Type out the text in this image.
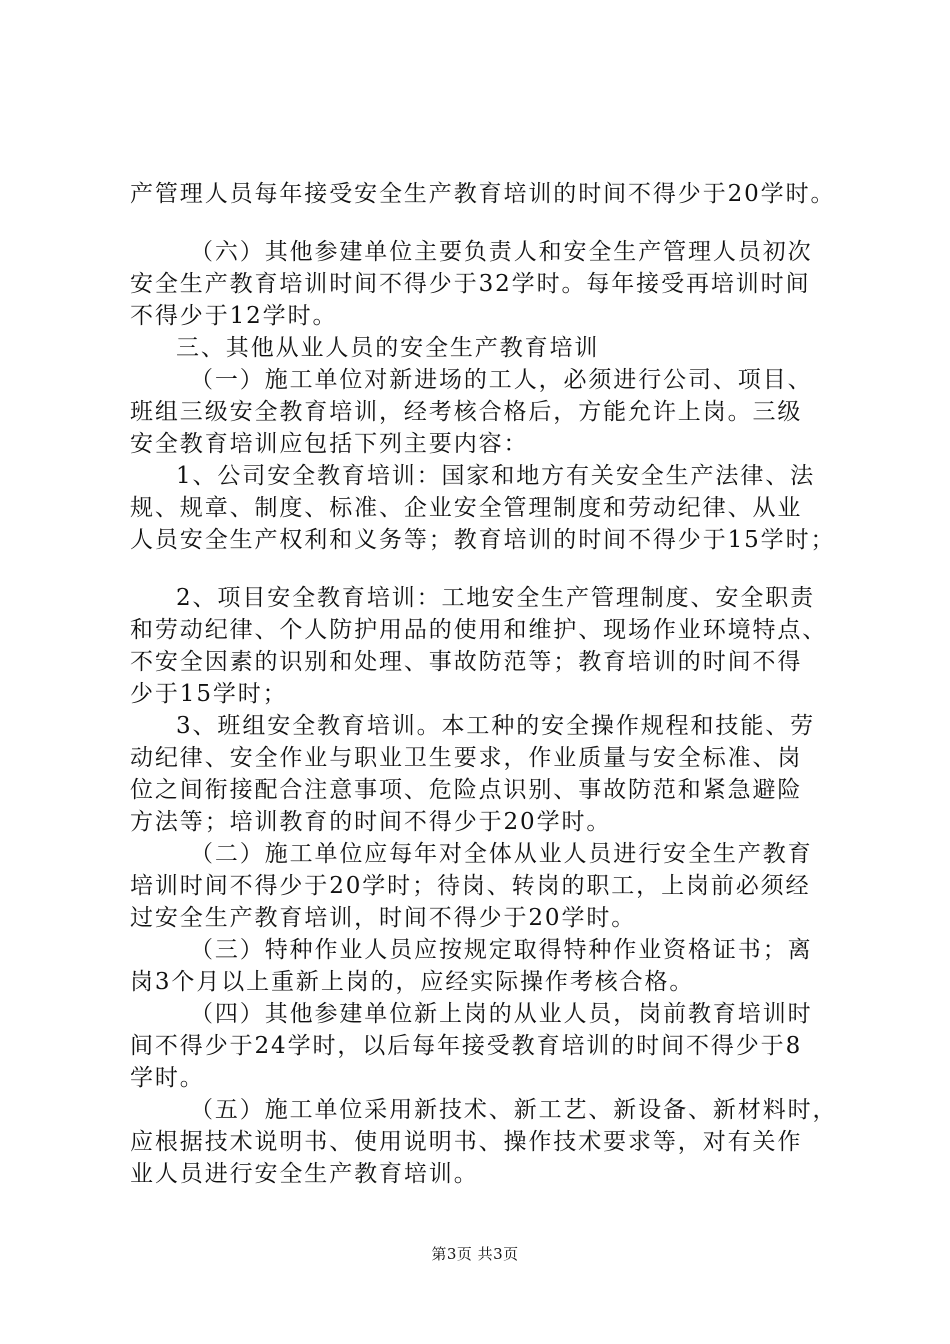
产管理人员每年接受安全生产教育培训的时间不得少于20学时。
（六）其他参建单位主要负责人和安全生产管理人员初次
安全生产教育培训时间不得少于32学时。每年接受再培训时间
不得少于12学时。
三、其他从业人员的安全生产教育培训
（一）施工单位对新进场的工人，必须进行公司、项目、
班组三级安全教育培训，经考核合格后，方能允许上岗。三级
安全教育培训应包括下列主要内容：
1、公司安全教育培训：国家和地方有关安全生产法律、法
规、规章、制度、标准、企业安全管理制度和劳动纪律、从业
人员安全生产权利和义务等；教育培训的时间不得少于15学时；
2、项目安全教育培训：工地安全生产管理制度、安全职责
和劳动纪律、个人防护用品的使用和维护、现场作业环境特点、
不安全因素的识别和处理、事故防范等；教育培训的时间不得
少于15学时；
3、班组安全教育培训。本工种的安全操作规程和技能、劳
动纪律、安全作业与职业卫生要求，作业质量与安全标准、岗
位之间衔接配合注意事项、危险点识别、事故防范和紧急避险
方法等；培训教育的时间不得少于20学时。
（二）施工单位应每年对全体从业人员进行安全生产教育
培训时间不得少于20学时；待岗、转岗的职工，上岗前必须经
过安全生产教育培训，时间不得少于20学时。
（三）特种作业人员应按规定取得特种作业资格证书；离
岗3个月以上重新上岗的，应经实际操作考核合格。
（四）其他参建单位新上岗的从业人员，岗前教育培训时
间不得少于24学时，以后每年接受教育培训的时间不得少于8
学时。
（五）施工单位采用新技术、新工艺、新设备、新材料时，
应根据技术说明书、使用说明书、操作技术要求等，对有关作
业人员进行安全生产教育培训。
第3页 共3页
